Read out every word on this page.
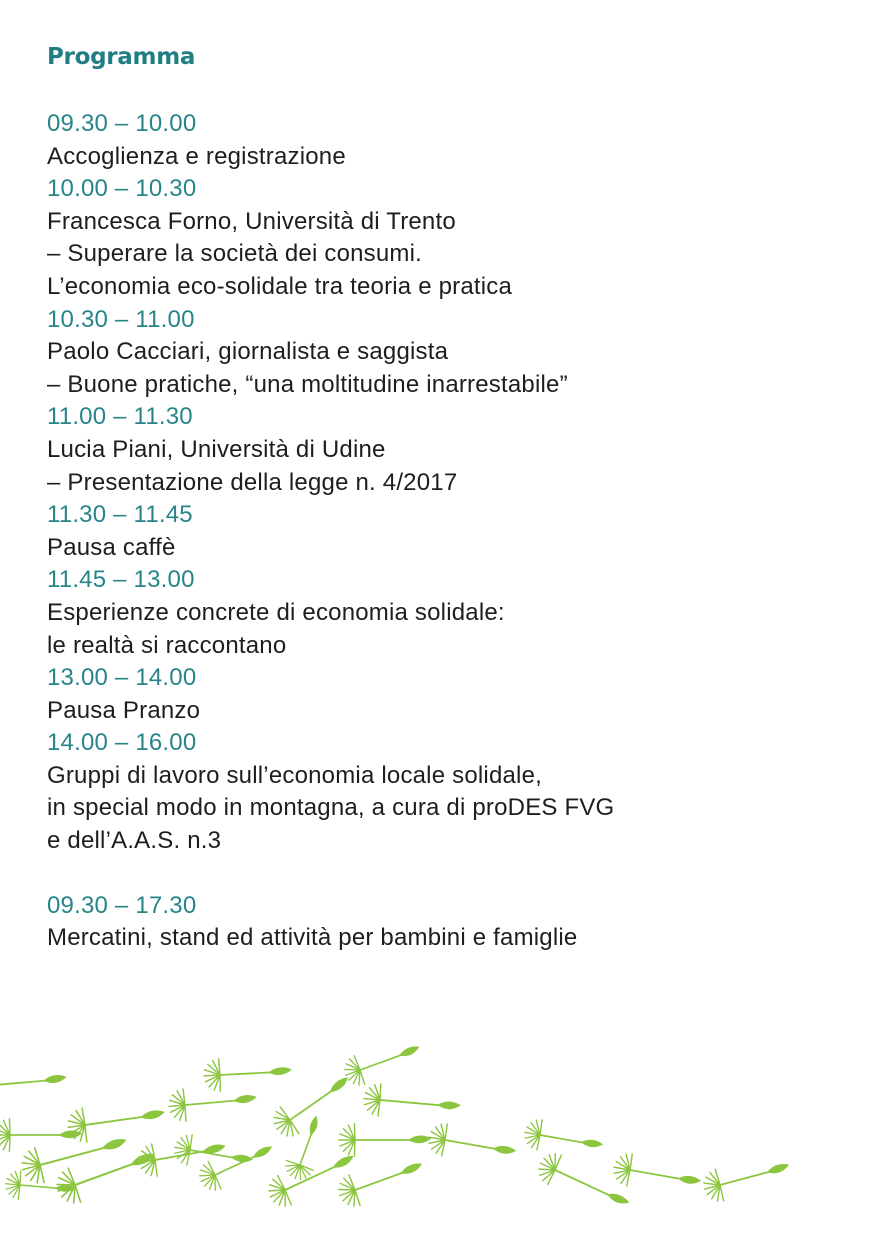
Programma
09.30 – 10.00
Accoglienza e registrazione
10.00 – 10.30
Francesca Forno, Università di Trento
– Superare la società dei consumi.
L’economia eco-solidale tra teoria e pratica
10.30 – 11.00
Paolo Cacciari, giornalista e saggista
– Buone pratiche, “una moltitudine inarrestabile”
11.00 – 11.30
Lucia Piani, Università di Udine
– Presentazione della legge n. 4/2017
11.30 – 11.45
Pausa caffè
11.45 – 13.00
Esperienze concrete di economia solidale:
le realtà si raccontano
13.00 – 14.00
Pausa Pranzo
14.00 – 16.00
Gruppi di lavoro sull’economia locale solidale,
in special modo in montagna, a cura di proDES FVG
e dell’A.A.S. n.3
09.30 – 17.30
Mercatini, stand ed attività per bambini e famiglie
